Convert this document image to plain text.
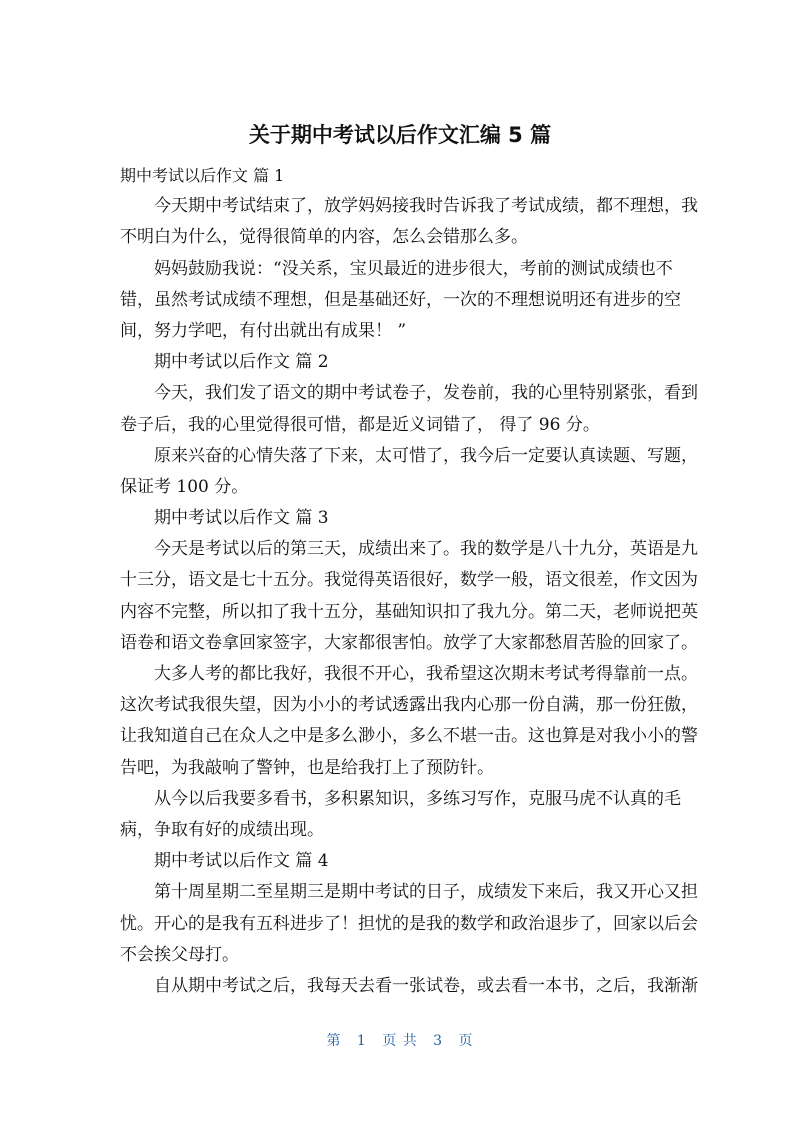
关于期中考试以后作文汇编 5 篇
期中考试以后作文 篇 1
今天期中考试结束了，放学妈妈接我时告诉我了考试成绩，都不理想，我
不明白为什么，觉得很简单的内容，怎么会错那么多。
妈妈鼓励我说：“没关系，宝贝最近的进步很大，考前的测试成绩也不
错，虽然考试成绩不理想，但是基础还好，一次的不理想说明还有进步的空
间，努力学吧，有付出就出有成果！ ”
期中考试以后作文 篇 2
今天，我们发了语文的期中考试卷子，发卷前，我的心里特别紧张，看到
卷子后，我的心里觉得很可惜，都是近义词错了， 得了 96 分。
原来兴奋的心情失落了下来，太可惜了，我今后一定要认真读题、写题，
保证考 100 分。
期中考试以后作文 篇 3
今天是考试以后的第三天，成绩出来了。我的数学是八十九分，英语是九
十三分，语文是七十五分。我觉得英语很好，数学一般，语文很差，作文因为
内容不完整，所以扣了我十五分，基础知识扣了我九分。第二天，老师说把英
语卷和语文卷拿回家签字，大家都很害怕。放学了大家都愁眉苦脸的回家了。
大多人考的都比我好，我很不开心，我希望这次期末考试考得靠前一点。
这次考试我很失望，因为小小的考试透露出我内心那一份自满，那一份狂傲，
让我知道自己在众人之中是多么渺小，多么不堪一击。这也算是对我小小的警
告吧，为我敲响了警钟，也是给我打上了预防针。
从今以后我要多看书，多积累知识，多练习写作，克服马虎不认真的毛
病，争取有好的成绩出现。
期中考试以后作文 篇 4
第十周星期二至星期三是期中考试的日子，成绩发下来后，我又开心又担
忧。开心的是我有五科进步了！担忧的是我的数学和政治退步了，回家以后会
不会挨父母打。
自从期中考试之后，我每天去看一张试卷，或去看一本书，之后，我渐渐
第 1 页 共 3 页
